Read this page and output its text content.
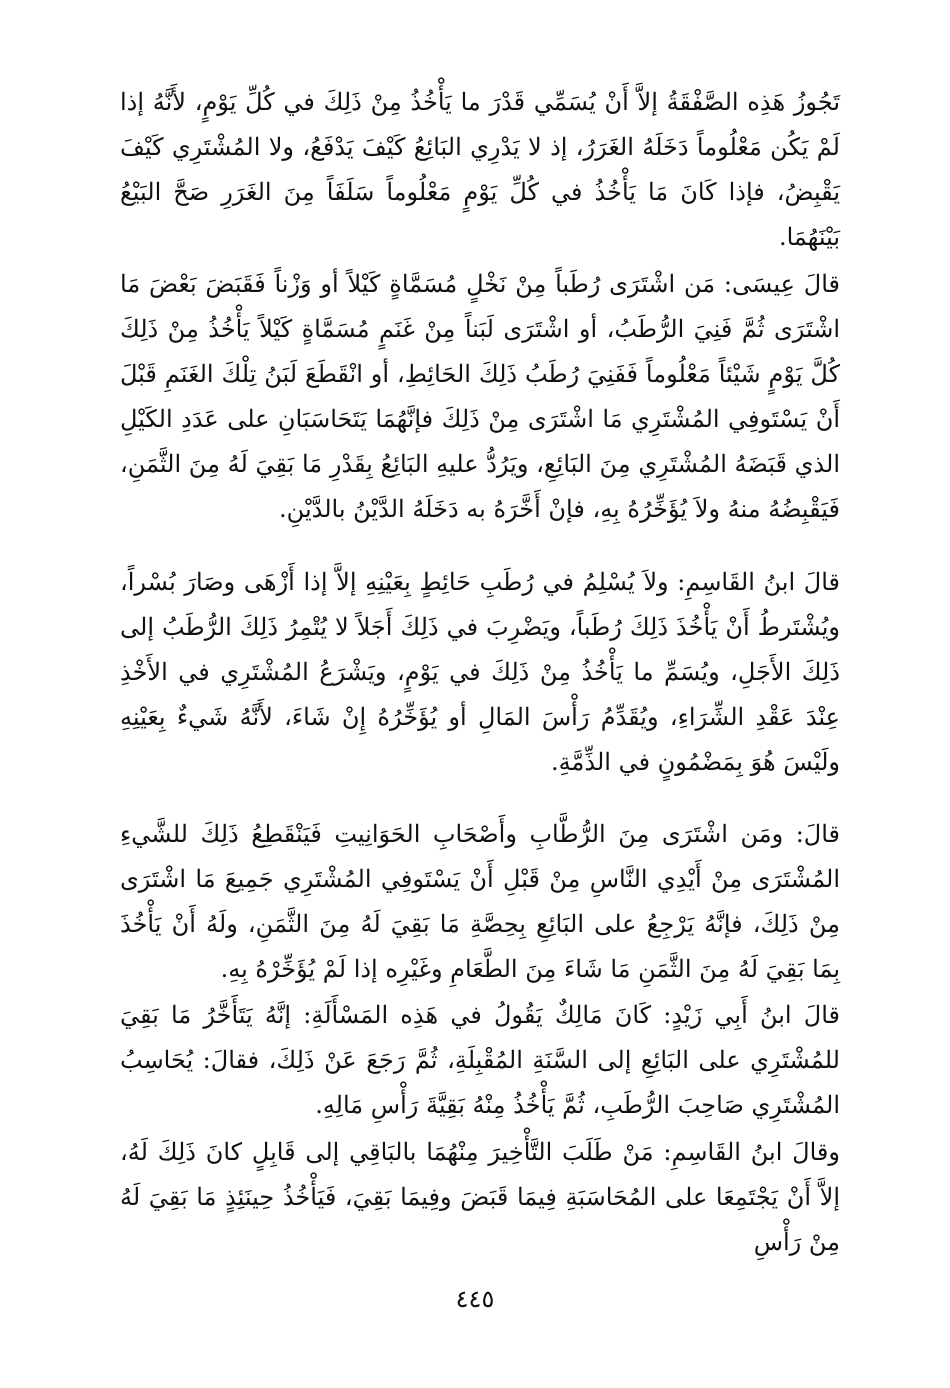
تَجُوزُ هَذِه الصَّفْقَةُ إلاَّ أَنْ يُسَمِّي قَدْرَ ما يَأْخُذُ مِنْ ذَلِكَ في كُلِّ يَوْمٍ، لأَنَّهُ إذا لَمْ يَكُن مَعْلُوماً دَخَلَهُ الغَرَرُ، إذ لا يَدْرِي البَائِعُ كَيْفَ يَدْفَعُ، ولا المُشْتَرِي كَيْفَ يَقْبِضُ، فإذا كَانَ مَا يَأْخُذُ في كُلِّ يَوْمٍ مَعْلُوماً سَلَفَاً مِنَ الغَرَرِ صَحَّ البَيْعُ بَيْنَهُمَا.

قالَ عِيسَى: مَن اشْتَرَى رُطَباً مِنْ نَخْلٍ مُسَمَّاةٍ كَيْلاً أو وَزْناً فَقَبَضَ بَعْضَ مَا اشْتَرَى ثُمَّ فَنِيَ الرُّطَبُ، أو اشْتَرَى لَبَناً مِنْ غَنَمٍ مُسَمَّاةٍ كَيْلاً يَأْخُذُ مِنْ ذَلِكَ كُلَّ يَوْمٍ شَيْئاً مَعْلُوماً فَفَنِيَ رُطَبُ ذَلِكَ الحَائِطِ، أو انْقَطَعَ لَبَنُ تِلْكَ الغَنَمِ قَبْلَ أَنْ يَسْتَوفِي المُشْتَرِي مَا اشْتَرَى مِنْ ذَلِكَ فإنَّهُمَا يَتَحَاسَبَانِ على عَدَدِ الكَيْلِ الذي قَبَضَهُ المُشْتَرِي مِنَ البَائِعِ، ويَرُدُّ عليهِ البَائِعُ بِقَدْرِ مَا بَقِيَ لَهُ مِنَ الثَّمَنِ، فَيَقْبِضُهُ منهُ ولاَ يُؤَخِّرُهُ بِهِ، فإنْ أَخَّرَهُ به دَخَلَهُ الدَّيْنُ بالدَّيْنِ.

قالَ ابنُ القَاسِمِ: ولاَ يُسْلِمُ في رُطَبِ حَائِطٍ بِعَيْنِهِ إلاَّ إذا أَزْهَى وصَارَ بُسْراً، ويُشْتَرطُ أَنْ يَأْخُذَ ذَلِكَ رُطَباً، ويَضْرِبَ في ذَلِكَ أَجَلاً لا يُتْمِرُ ذَلِكَ الرُّطَبُ إلى ذَلِكَ الأَجَلِ، ويُسَمِّ ما يَأْخُذُ مِنْ ذَلِكَ في يَوْمٍ، ويَشْرَعُ المُشْتَرِي في الأَخْذِ عِنْدَ عَقْدِ الشِّرَاءِ، ويُقَدِّمُ رَأْسَ المَالِ أو يُؤَخِّرُهُ إِنْ شَاءَ، لأَنَّهُ شَيءٌ بِعَيْنِهِ ولَيْسَ هُوَ بِمَضْمُونٍ في الذِّمَّةِ.

قالَ: ومَن اشْتَرَى مِنَ الرُّطَّابِ وأَصْحَابِ الحَوَانِيتِ فَيَنْقَطِعُ ذَلِكَ للشَّيءِ المُشْتَرَى مِنْ أَيْدِي النَّاسِ مِنْ قَبْلِ أَنْ يَسْتَوفِي المُشْتَرِي جَمِيعَ مَا اشْتَرَى مِنْ ذَلِكَ، فإنَّهُ يَرْجِعُ على البَائِعِ بِحِصَّةِ مَا بَقِيَ لَهُ مِنَ الثَّمَنِ، ولَهُ أَنْ يَأْخُذَ بِمَا بَقِيَ لَهُ مِنَ الثَّمَنِ مَا شَاءَ مِنَ الطَّعَامِ وغَيْرِه إذا لَمْ يُؤَخِّرْهُ بِهِ.

قالَ ابنُ أَبِي زَيْدٍ: كَانَ مَالِكٌ يَقُولُ في هَذِه المَسْأَلَةِ: إنَّهُ يَتَأَخَّرُ مَا بَقِيَ للمُشْتَرِي على البَائِعِ إلى السَّنَةِ المُقْبِلَةِ، ثُمَّ رَجَعَ عَنْ ذَلِكَ، فقالَ: يُحَاسِبُ المُشْتَرِي صَاحِبَ الرُّطَبِ، ثُمَّ يَأْخُذُ مِنْهُ بَقِيَّةَ رَأْسِ مَالِهِ.

وقالَ ابنُ القَاسِمِ: مَنْ طَلَبَ التَّأْخِيرَ مِنْهُمَا بالبَاقِي إلى قَابِلٍ كانَ ذَلِكَ لَهُ، إلاَّ أَنْ يَجْتَمِعَا على المُحَاسَبَةِ فِيمَا قَبَضَ وفِيمَا بَقِيَ، فَيَأْخُذُ حِينَئِذٍ مَا بَقِيَ لَهُ مِنْ رَأْسِ

٤٤٥
